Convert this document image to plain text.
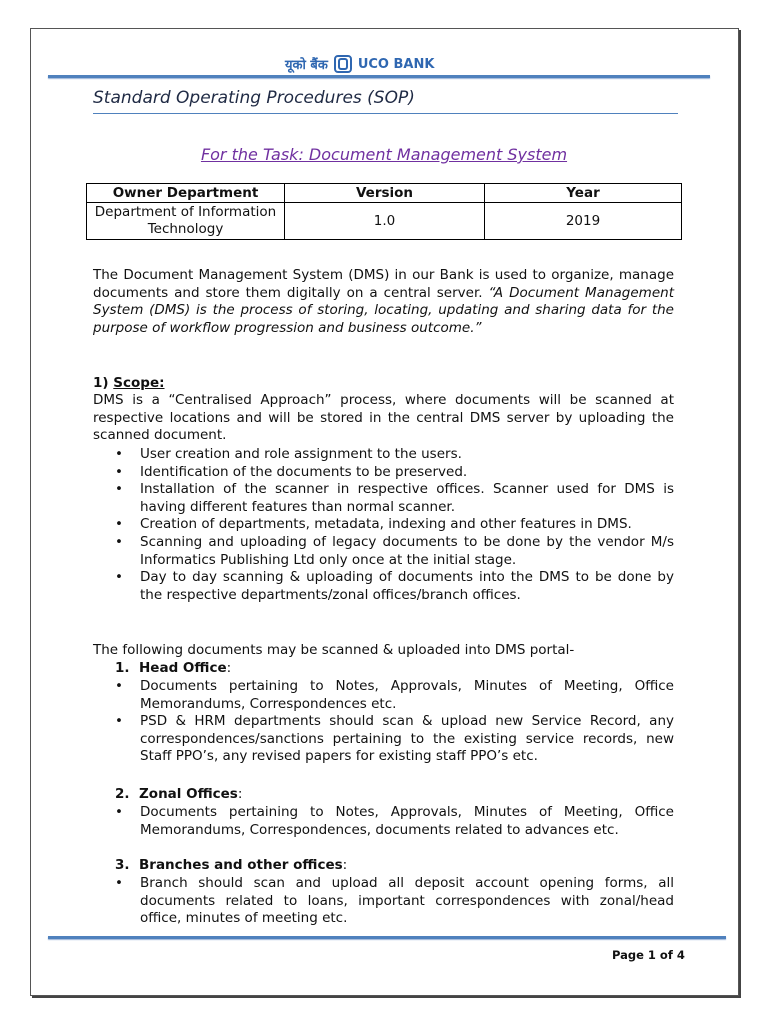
यूको बैंक UCO BANK
Standard Operating Procedures (SOP)
For the Task: Document Management System
Owner Department	Version	Year
Department of Information Technology	1.0	2019
The Document Management System (DMS) in our Bank is used to organize, manage documents and store them digitally on a central server. “A Document Management System (DMS) is the process of storing, locating, updating and sharing data for the purpose of workflow progression and business outcome.”
1) Scope:
DMS is a “Centralised Approach” process, where documents will be scanned at respective locations and will be stored in the central DMS server by uploading the scanned document.
• User creation and role assignment to the users.
• Identification of the documents to be preserved.
• Installation of the scanner in respective offices. Scanner used for DMS is having different features than normal scanner.
• Creation of departments, metadata, indexing and other features in DMS.
• Scanning and uploading of legacy documents to be done by the vendor M/s Informatics Publishing Ltd only once at the initial stage.
• Day to day scanning & uploading of documents into the DMS to be done by the respective departments/zonal offices/branch offices.
The following documents may be scanned & uploaded into DMS portal-
1. Head Office:
• Documents pertaining to Notes, Approvals, Minutes of Meeting, Office Memorandums, Correspondences etc.
• PSD & HRM departments should scan & upload new Service Record, any correspondences/sanctions pertaining to the existing service records, new Staff PPO’s, any revised papers for existing staff PPO’s etc.
2. Zonal Offices:
• Documents pertaining to Notes, Approvals, Minutes of Meeting, Office Memorandums, Correspondences, documents related to advances etc.
3. Branches and other offices:
• Branch should scan and upload all deposit account opening forms, all documents related to loans, important correspondences with zonal/head office, minutes of meeting etc.
Page 1 of 4
